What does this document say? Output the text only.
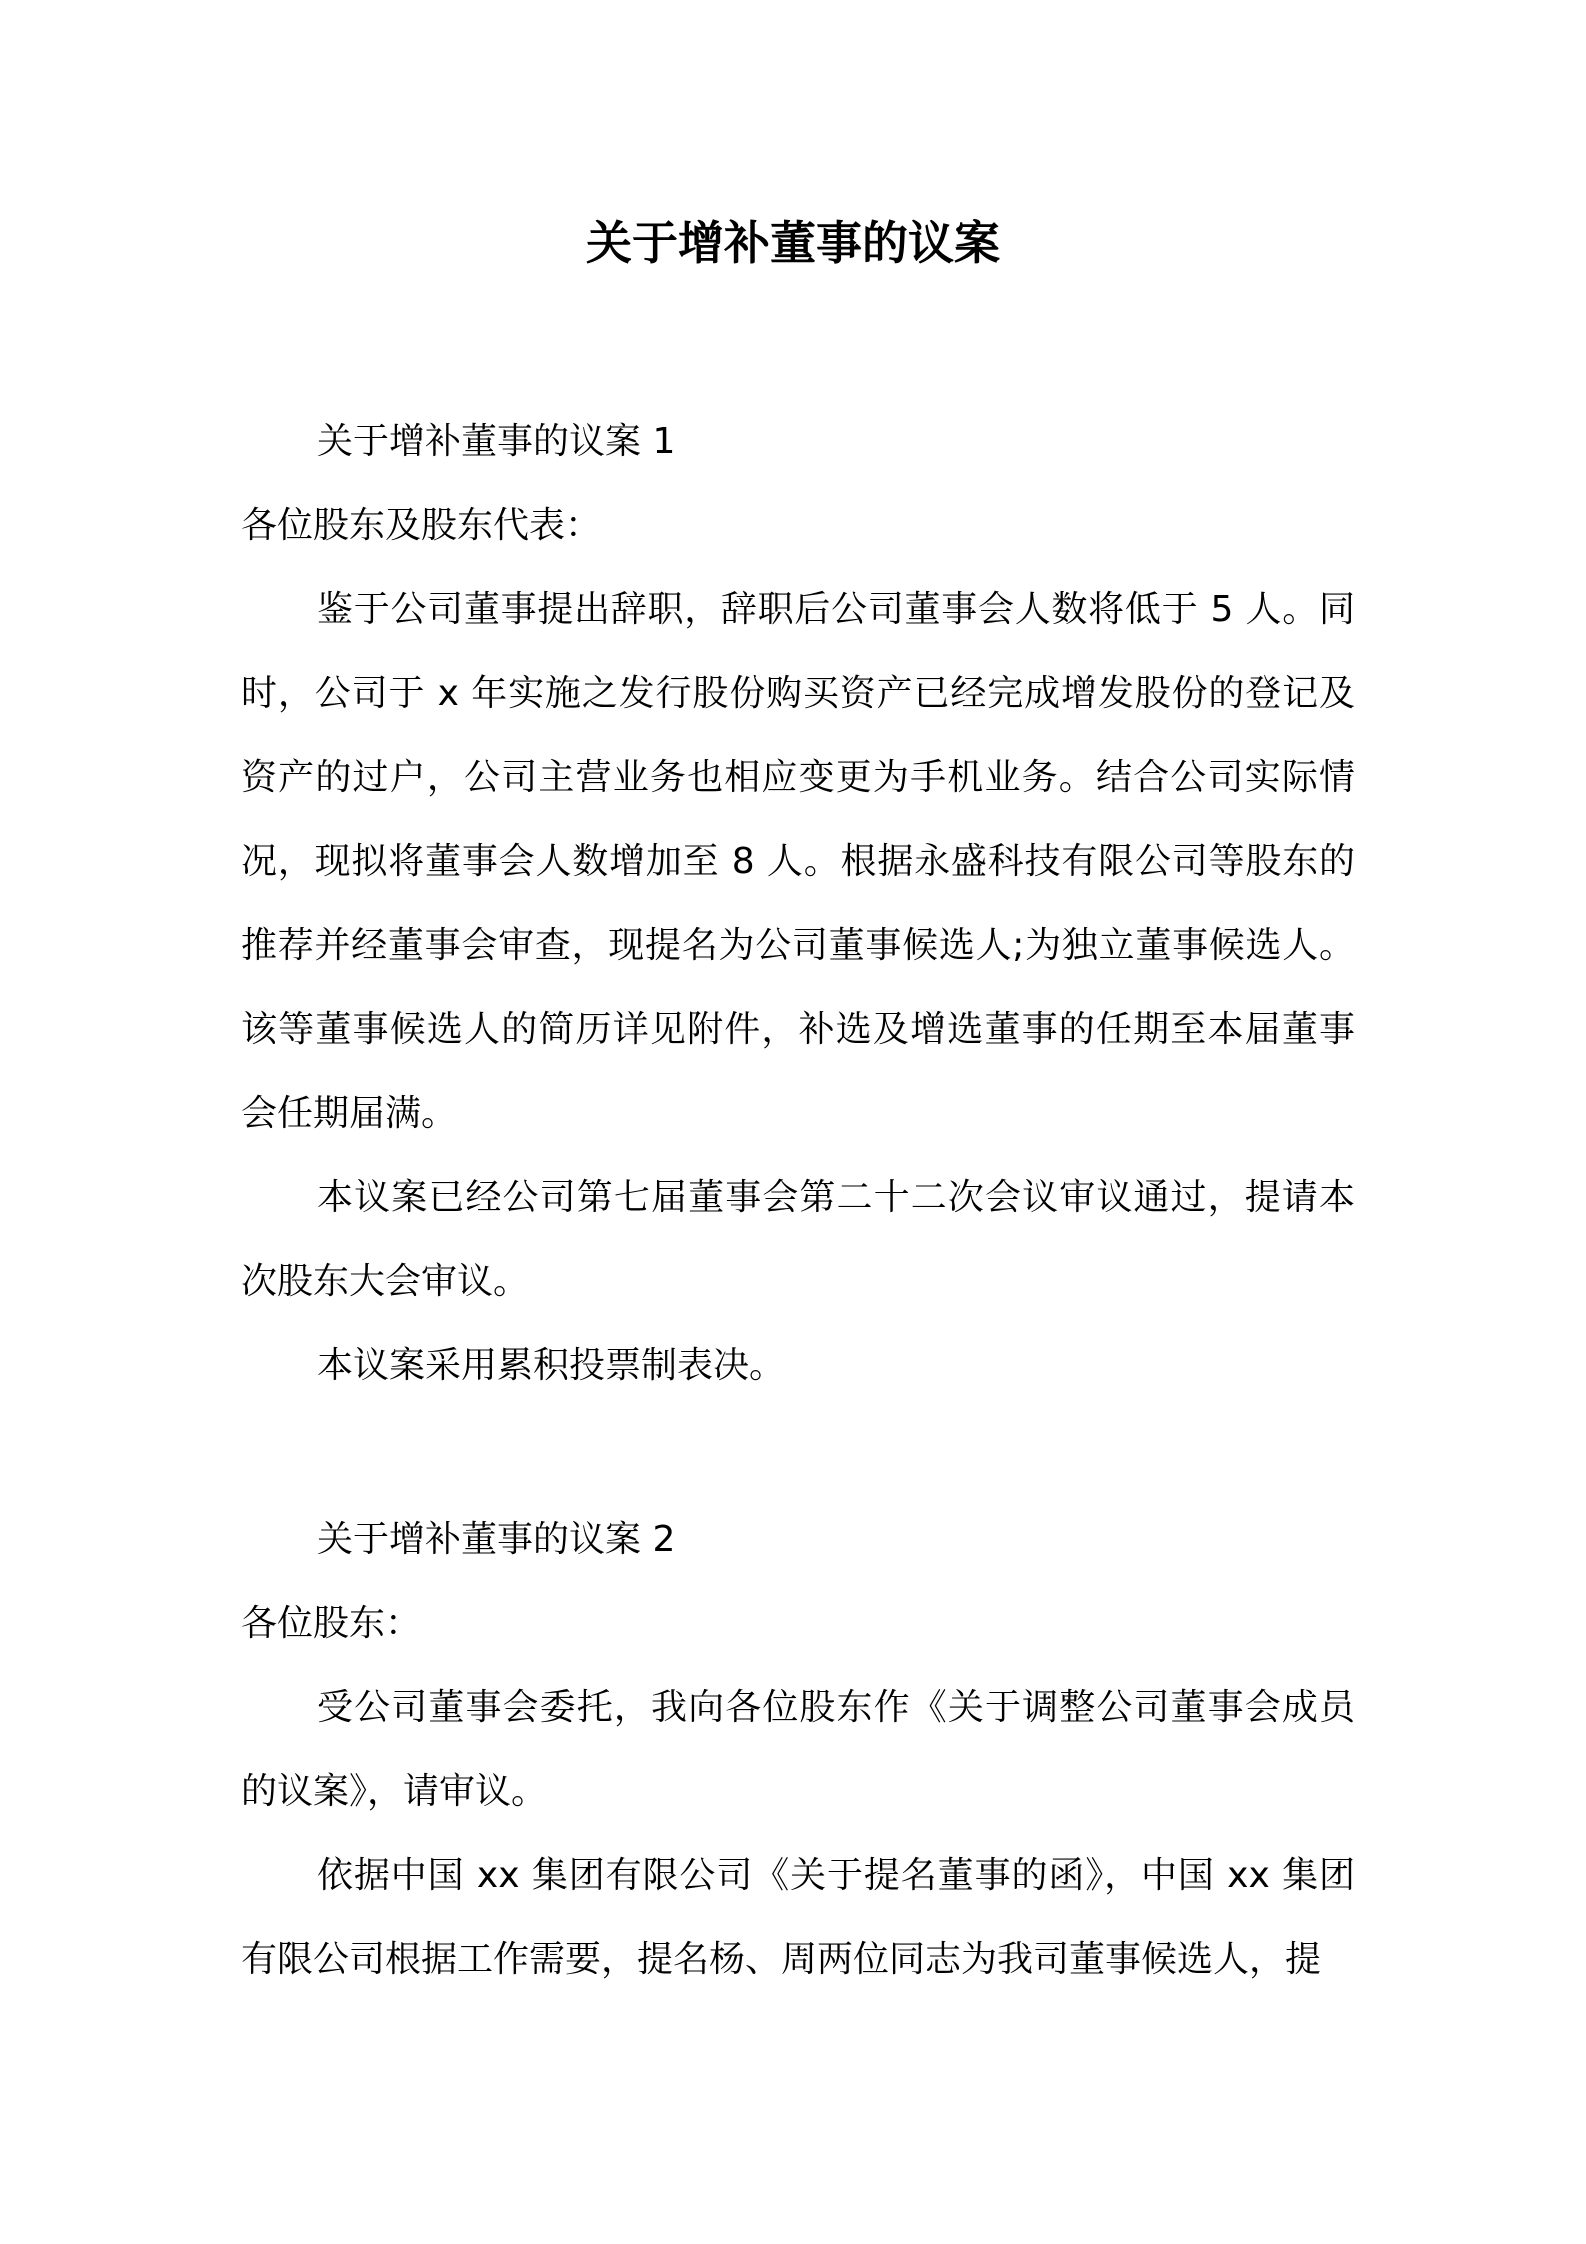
关于增补董事的议案

关于增补董事的议案 1

各位股东及股东代表：

鉴于公司董事提出辞职，辞职后公司董事会人数将低于 5 人。同时，公司于 x 年实施之发行股份购买资产已经完成增发股份的登记及资产的过户，公司主营业务也相应变更为手机业务。结合公司实际情况，现拟将董事会人数增加至 8 人。根据永盛科技有限公司等股东的推荐并经董事会审查，现提名为公司董事候选人;为独立董事候选人。该等董事候选人的简历详见附件，补选及增选董事的任期至本届董事会任期届满。

本议案已经公司第七届董事会第二十二次会议审议通过，提请本次股东大会审议。

本议案采用累积投票制表决。

关于增补董事的议案 2

各位股东：

受公司董事会委托，我向各位股东作《关于调整公司董事会成员的议案》，请审议。

依据中国 xx 集团有限公司《关于提名董事的函》，中国 xx 集团有限公司根据工作需要，提名杨、周两位同志为我司董事候选人，提
